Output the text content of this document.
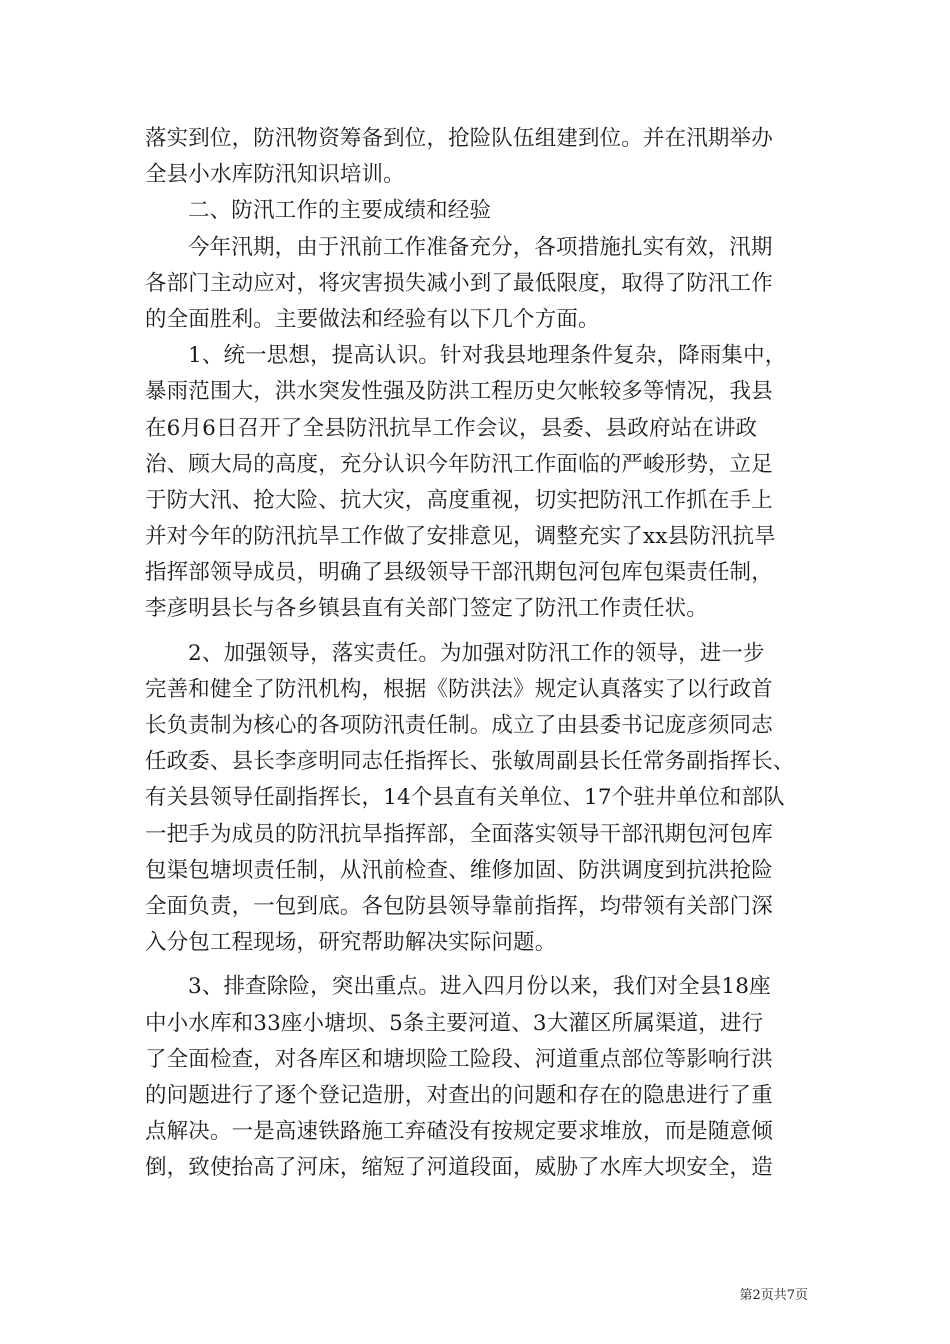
落实到位，防汛物资筹备到位，抢险队伍组建到位。并在汛期举办
全县小水库防汛知识培训。
二、防汛工作的主要成绩和经验
今年汛期，由于汛前工作准备充分，各项措施扎实有效，汛期
各部门主动应对，将灾害损失减小到了最低限度，取得了防汛工作
的全面胜利。主要做法和经验有以下几个方面。
1、统一思想，提高认识。针对我县地理条件复杂，降雨集中，
暴雨范围大，洪水突发性强及防洪工程历史欠帐较多等情况，我县
在6月6日召开了全县防汛抗旱工作会议，县委、县政府站在讲政
治、顾大局的高度，充分认识今年防汛工作面临的严峻形势，立足
于防大汛、抢大险、抗大灾，高度重视，切实把防汛工作抓在手上
并对今年的防汛抗旱工作做了安排意见，调整充实了xx县防汛抗旱
指挥部领导成员，明确了县级领导干部汛期包河包库包渠责任制，
李彦明县长与各乡镇县直有关部门签定了防汛工作责任状。
2、加强领导，落实责任。为加强对防汛工作的领导，进一步
完善和健全了防汛机构，根据《防洪法》规定认真落实了以行政首
长负责制为核心的各项防汛责任制。成立了由县委书记庞彦须同志
任政委、县长李彦明同志任指挥长、张敏周副县长任常务副指挥长、
有关县领导任副指挥长，14个县直有关单位、17个驻井单位和部队
一把手为成员的防汛抗旱指挥部，全面落实领导干部汛期包河包库
包渠包塘坝责任制，从汛前检查、维修加固、防洪调度到抗洪抢险
全面负责，一包到底。各包防县领导靠前指挥，均带领有关部门深
入分包工程现场，研究帮助解决实际问题。
3、排查除险，突出重点。进入四月份以来，我们对全县18座
中小水库和33座小塘坝、5条主要河道、3大灌区所属渠道，进行
了全面检查，对各库区和塘坝险工险段、河道重点部位等影响行洪
的问题进行了逐个登记造册，对查出的问题和存在的隐患进行了重
点解决。一是高速铁路施工弃碴没有按规定要求堆放，而是随意倾
倒，致使抬高了河床，缩短了河道段面，威胁了水库大坝安全，造
第2页共7页
